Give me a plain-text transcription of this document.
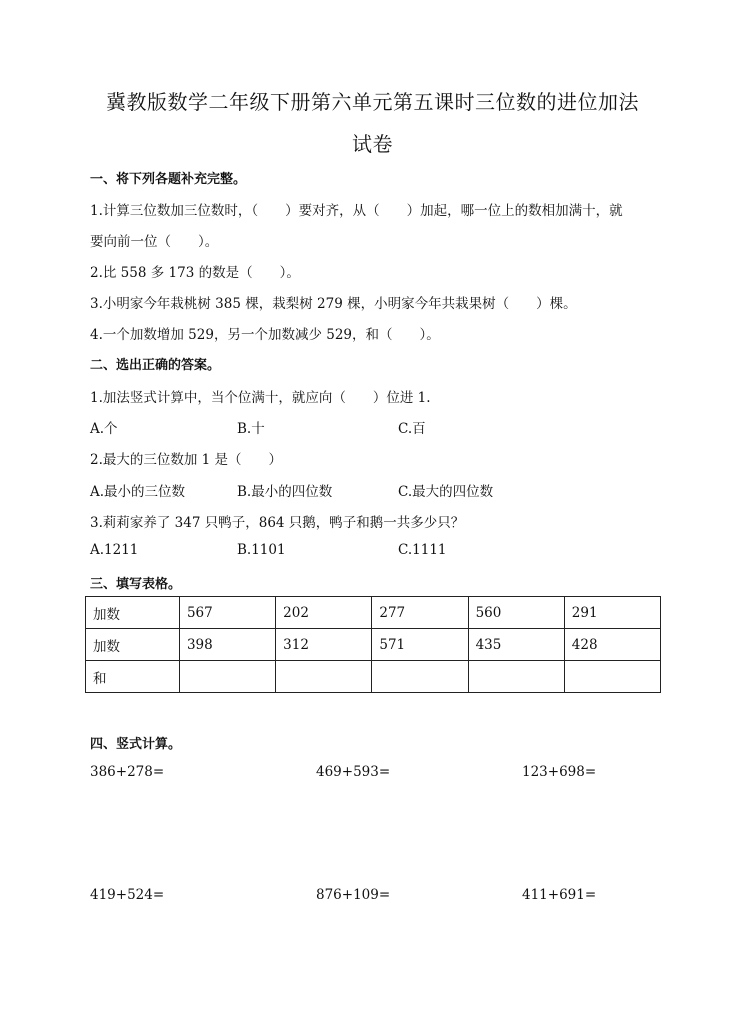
冀教版数学二年级下册第六单元第五课时三位数的进位加法
试卷
一、将下列各题补充完整。
1.计算三位数加三位数时，（　　）要对齐，从（　　）加起，哪一位上的数相加满十，就
要向前一位（　　）。
2.比 558 多 173 的数是（　　）。
3.小明家今年栽桃树 385 棵，栽梨树 279 棵，小明家今年共栽果树（　　）棵。
4.一个加数增加 529，另一个加数减少 529，和（　　）。
二、选出正确的答案。
1.加法竖式计算中，当个位满十，就应向（　　）位进 1.
A.个	B.十	C.百
2.最大的三位数加 1 是（　　）
A.最小的三位数	B.最小的四位数	C.最大的四位数
3.莉莉家养了 347 只鸭子，864 只鹅，鸭子和鹅一共多少只？
A.1211	B.1101	C.1111
三、填写表格。
加数	567	202	277	560	291
加数	398	312	571	435	428
和					
四、竖式计算。
386+278=	469+593=	123+698=
419+524=	876+109=	411+691=
